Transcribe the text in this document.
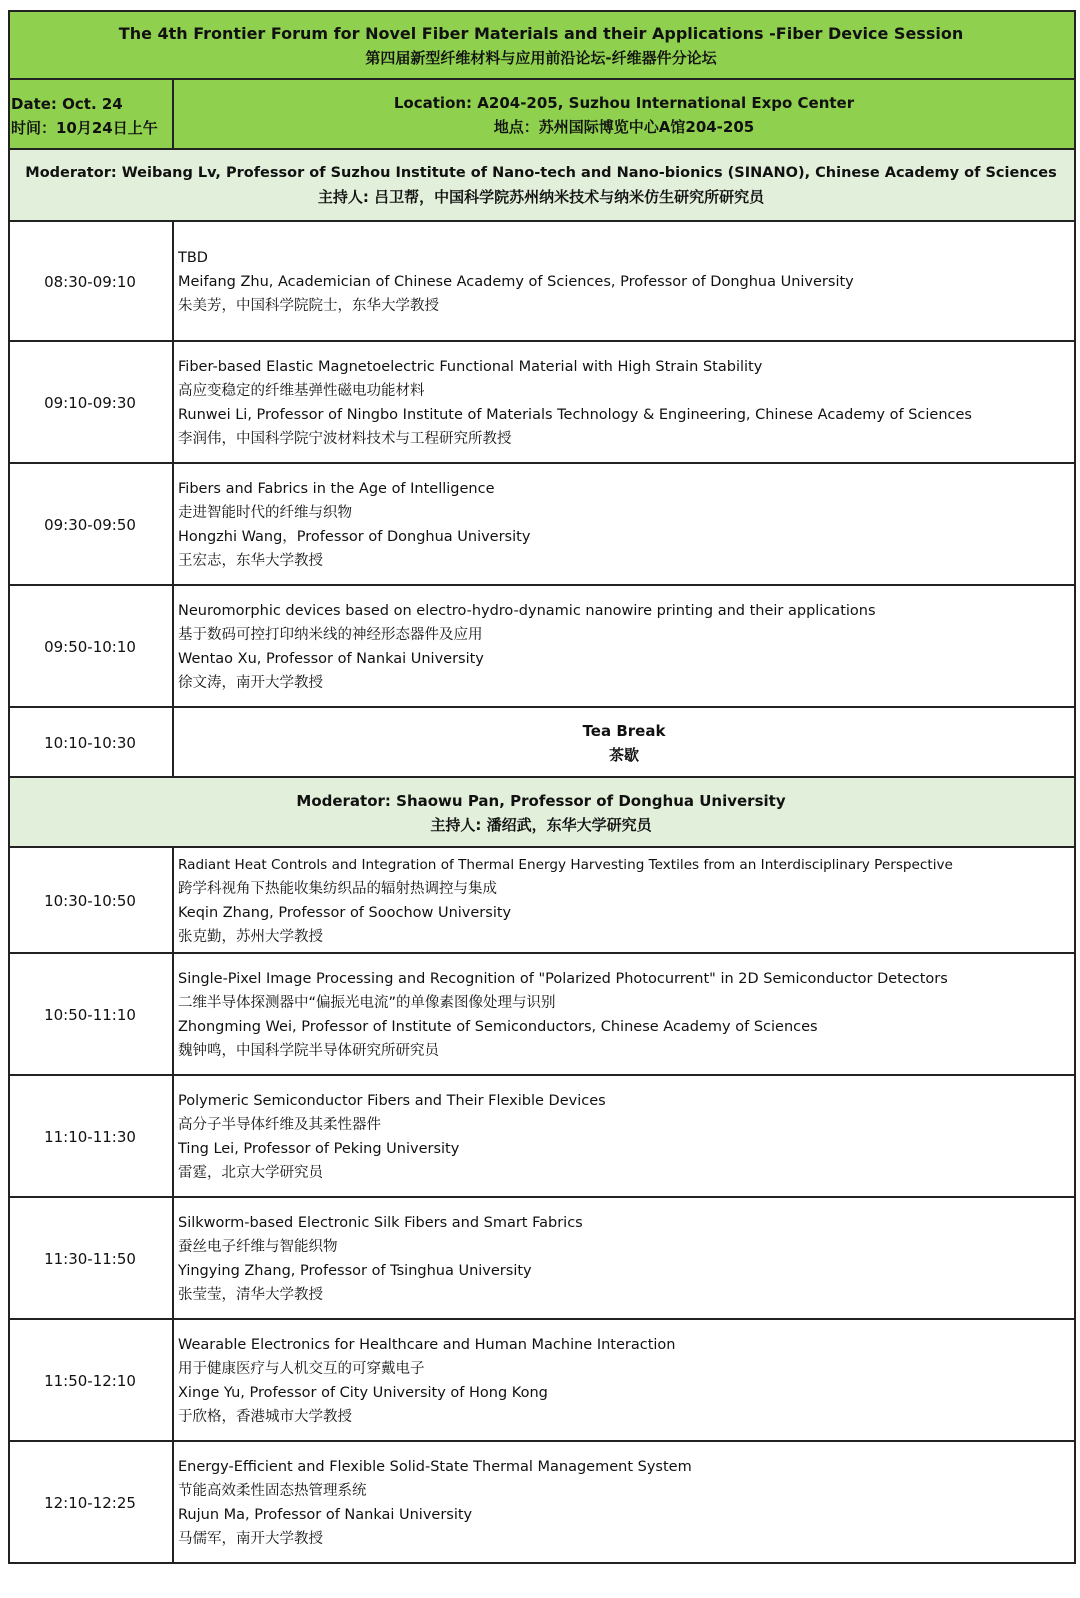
The 4th Frontier Forum for Novel Fiber Materials and their Applications -Fiber Device Session
第四届新型纤维材料与应用前沿论坛-纤维器件分论坛
Date: Oct. 24
时间：10月24日上午
Location: A204-205, Suzhou International Expo Center
地点：苏州国际博览中心A馆204-205
Moderator: Weibang Lv, Professor of Suzhou Institute of Nano-tech and Nano-bionics (SINANO), Chinese Academy of Sciences
主持人: 吕卫帮，中国科学院苏州纳米技术与纳米仿生研究所研究员
08:30-09:10
TBD
Meifang Zhu, Academician of Chinese Academy of Sciences, Professor of Donghua University
朱美芳，中国科学院院士，东华大学教授
09:10-09:30
Fiber-based Elastic Magnetoelectric Functional Material with High Strain Stability
高应变稳定的纤维基弹性磁电功能材料
Runwei Li, Professor of Ningbo Institute of Materials Technology & Engineering, Chinese Academy of Sciences
李润伟，中国科学院宁波材料技术与工程研究所教授
09:30-09:50
Fibers and Fabrics in the Age of Intelligence
走进智能时代的纤维与织物
Hongzhi Wang，Professor of Donghua University
王宏志，东华大学教授
09:50-10:10
Neuromorphic devices based on electro-hydro-dynamic nanowire printing and their applications
基于数码可控打印纳米线的神经形态器件及应用
Wentao Xu, Professor of Nankai University
徐文涛，南开大学教授
10:10-10:30
Tea Break
茶歇
Moderator: Shaowu Pan, Professor of Donghua University
主持人: 潘绍武，东华大学研究员
10:30-10:50
Radiant Heat Controls and Integration of Thermal Energy Harvesting Textiles from an Interdisciplinary Perspective
跨学科视角下热能收集纺织品的辐射热调控与集成
Keqin Zhang, Professor of Soochow University
张克勤，苏州大学教授
10:50-11:10
Single-Pixel Image Processing and Recognition of "Polarized Photocurrent" in 2D Semiconductor Detectors
二维半导体探测器中“偏振光电流”的单像素图像处理与识别
Zhongming Wei, Professor of Institute of Semiconductors, Chinese Academy of Sciences
魏钟鸣，中国科学院半导体研究所研究员
11:10-11:30
Polymeric Semiconductor Fibers and Their Flexible Devices
高分子半导体纤维及其柔性器件
Ting Lei, Professor of Peking University
雷霆，北京大学研究员
11:30-11:50
Silkworm-based Electronic Silk Fibers and Smart Fabrics
蚕丝电子纤维与智能织物
Yingying Zhang, Professor of Tsinghua University
张莹莹，清华大学教授
11:50-12:10
Wearable Electronics for Healthcare and Human Machine Interaction
用于健康医疗与人机交互的可穿戴电子
Xinge Yu, Professor of City University of Hong Kong
于欣格，香港城市大学教授
12:10-12:25
Energy-Efficient and Flexible Solid-State Thermal Management System
节能高效柔性固态热管理系统
Rujun Ma, Professor of Nankai University
马儒军，南开大学教授
